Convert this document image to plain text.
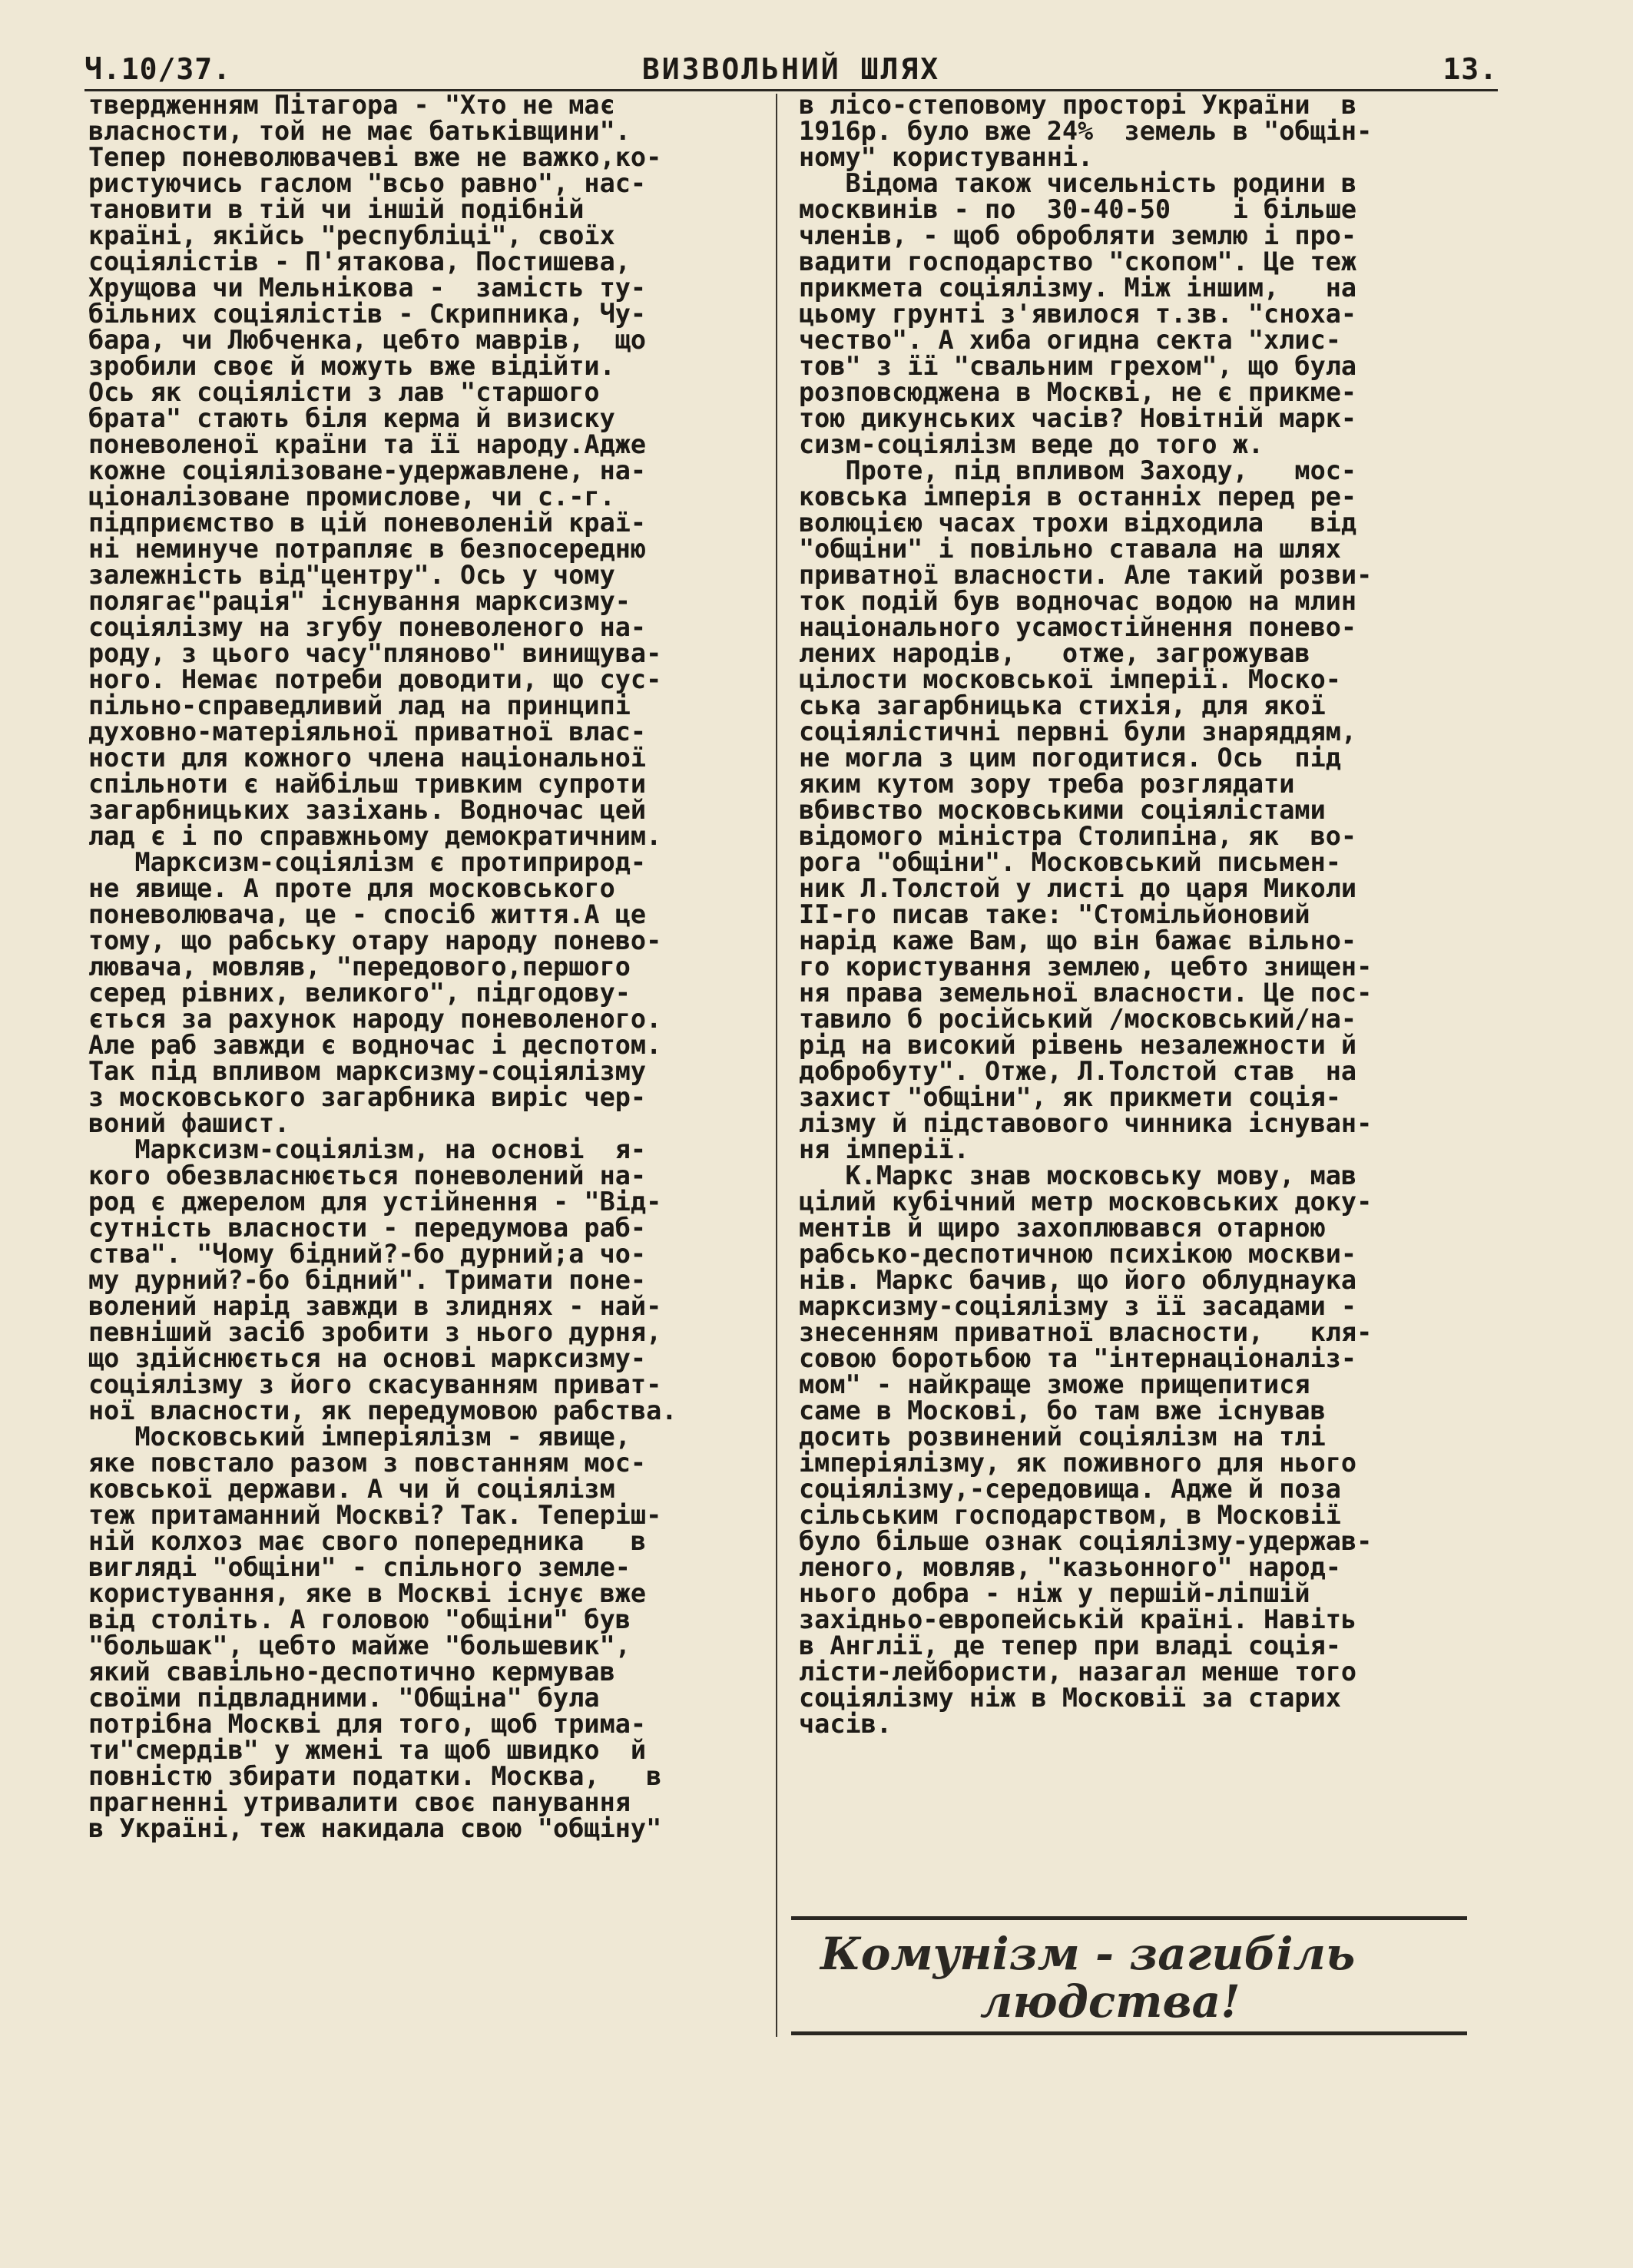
Ч.10/37.	ВИЗВОЛЬНИЙ ШЛЯХ	13.

твердженням Пітагора - "Хто не має

власности, той не має батьківщини".

Тепер поневолювачеві вже не важко,ко-

ристуючись гаслом "всьо равно", нас-

тановити в тій чи іншій подібній

країні, якійсь "республіці", своїх

соціялістів - П'ятакова, Постишева,

Хрущова чи Мельнікова -  замість ту-

більних соціялістів - Скрипника, Чу-

бара, чи Любченка, цебто маврів,  що

зробили своє й можуть вже відійти.

Ось як соціялісти з лав "старшого

брата" стають біля керма й визиску

поневоленої країни та її народу.Адже

кожне соціялізоване-удержавлене, на-

ціоналізоване промислове, чи с.-г.

підприємство в цій поневоленій краї-

ні неминуче потрапляє в безпосередню

залежність від"центру". Ось у чому

полягає"рація" існування марксизму-

соціялізму на згубу поневоленого на-

роду, з цього часу"пляново" винищува-

ного. Немає потреби доводити, що сус-

пільно-справедливий лад на принципі

духовно-матеріяльної приватної влас-

ности для кожного члена національної

спільноти є найбільш тривким супроти

загарбницьких зазіхань. Водночас цей

лад є і по справжньому демократичним.

Марксизм-соціялізм є протиприрод-

не явище. А проте для московського

поневолювача, це - спосіб життя.А це

тому, що рабську отару народу поневo-

лювача, мовляв, "передового,першого

серед рівних, великого", підгодову-

ється за рахунок народу поневоленого.

Але раб завжди є водночас і деспотом.

Так під впливом марксизму-соціялізму

з московського загарбника виріс чер-

воний фашист.

Марксизм-соціялізм, на основі  я-

кого обезвласнюється поневолений на-

род є джерелом для устійнення - "Від-

сутність власности - передумова раб-

ства". "Чому бідний?-бо дурний;а чо-

му дурний?-бо бідний". Тримати поне-

волений нарід завжди в злиднях - най-

певніший засіб зробити з нього дурня,

що здійснюється на основі марксизму-

соціялізму з його скасуванням приват-

ної власности, як передумовою рабства.

Московський імперіялізм - явище,

яке повстало разом з повстанням мос-

ковської держави. А чи й соціялізм

теж притаманний Москві? Так. Теперіш-

ній колхоз має свого попередника   в

вигляді "общіни" - спільного земле-

користування, яке в Москві існує вже

від століть. А головою "общіни" був

"большак", цебто майже "большевик",

який свавільно-деспотично кермував

своїми підвладними. "Общіна" була

потрібна Москві для того, щоб трима-

ти"смердів" у жмені та щоб швидко  й

повністю збирати податки. Москва,   в

прагненні утривалити своє панування

в Україні, теж накидала свою "общіну"

в лісо-степовому просторі України  в

1916р. було вже 24%  земель в "общін-

ному" користуванні.

Відома також чисельність родини в

москвинів - по  30-40-50    і більше

членів, - щоб обробляти землю і про-

вадити господарство "скопом". Це теж

прикмета соціялізму. Між іншим,   на

цьому грунті з'явилося т.зв. "снохa-

чество". А хиба огидна секта "хлис-

тов" з її "свальним грехом", що була

розповсюджена в Москві, не є прикме-

тою дикунських часів? Новітній марк-

сизм-соціялізм веде до того ж.

Проте, під впливом Заходу,   мос-

ковська імперія в останніх перед ре-

волюцією часах трохи відходила   від

"общіни" і повільно ставала на шлях

приватної власности. Але такий розви-

ток подій був водночас водою на млин

національного усамостійнення понево-

лених народів,   отже, загрожував

цілости московської імперії. Моско-

ська загарбницька стихія, для якої

соціялістичні первні були знаряддям,

не могла з цим погодитися. Ось  під

яким кутом зору треба розглядати

вбивство московськими соціялістами

відомого міністра Столипіна, як  во-

рога "общіни". Московський письмен-

ник Л.Толстой у листі до царя Миколи

II-го писав таке: "Стомільйоновий

нарід каже Вам, що він бажає вільно-

го користування землею, цебто знищен-

ня права земельної власности. Це пос-

тавило б російський /московський/на-

рід на високий рівень незалежности й

добробуту". Отже, Л.Толстой став  на

захист "общіни", як прикмети соція-

лізму й підставового чинника існуван-

ня імперії.

К.Маркс знав московську мову, мав

цілий кубічний метр московських доку-

ментів й щиро захоплювався отарною

рабсько-деспотичною психікою москви-

нів. Маркс бачив, що його облуднаука

марксизму-соціялізму з її засадами -

знесенням приватної власности,   кля-

совою боротьбою та "інтернаціоналіз-

мом" - найкраще зможе прищепитися

саме в Москові, бо там вже існував

досить розвинений соціялізм на тлі

імперіялізму, як поживного для нього

соціялізму,-середовища. Адже й поза

сільським господарством, в Московії

було більше ознак соціялізму-удержав-

леного, мовляв, "казьонного" народ-

нього добра - ніж у першій-ліпшій

західньо-европейській країні. Навіть

в Англії, де тепер при владі соція-

лісти-лейбористи, назагал менше того

соціялізму ніж в Московії за старих

часів.

Комунізм - загибіль
людства!
